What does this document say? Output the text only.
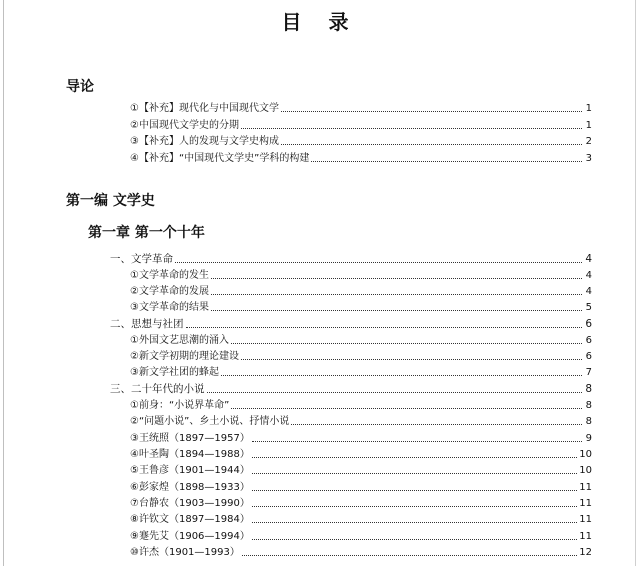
目 录
导论
①【补充】现代化与中国现代文学	1
②中国现代文学史的分期	1
③【补充】人的发现与文学史构成	2
④【补充】“中国现代文学史”学科的构建	3
第一编 文学史
第一章 第一个十年
一、文学革命	4
①文学革命的发生	4
②文学革命的发展	4
③文学革命的结果	5
二、思想与社团	6
①外国文艺思潮的涌入	6
②新文学初期的理论建设	6
③新文学社团的蜂起	7
三、二十年代的小说	8
①前身：“小说界革命”	8
②“问题小说”、乡土小说、抒情小说	8
③王统照（1897—1957）	9
④叶圣陶（1894—1988）	10
⑤王鲁彦（1901—1944）	10
⑥彭家煌（1898—1933）	11
⑦台静农（1903—1990）	11
⑧许钦文（1897—1984）	11
⑨蹇先艾（1906—1994）	11
⑩许杰（1901—1993）	12
